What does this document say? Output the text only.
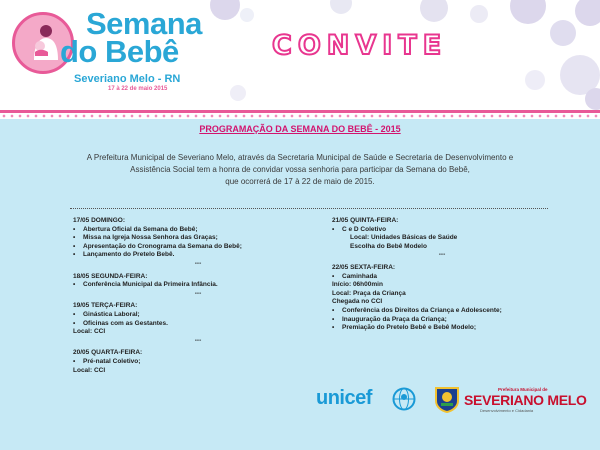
Semana
do Bebê
Severiano Melo - RN
17 à 22 de maio 2015
CONVITE
PROGRAMAÇÃO DA SEMANA DO BEBÊ - 2015
A Prefeitura Municipal de Severiano Melo, através da Secretaria Municipal de Saúde e Secretaria de Desenvolvimento e
Assistência Social tem a honra de convidar vossa senhoria para participar da Semana do Bebê,
que ocorrerá de 17 à 22 de maio de 2015.
17/05 DOMINGO:
• Abertura Oficial da Semana do Bebê;
• Missa na Igreja Nossa Senhora das Graças;
• Apresentação do Cronograma da Semana do Bebê;
• Lançamento do Pretelo Bebê.
---
18/05 SEGUNDA-FEIRA:
• Conferência Municipal da Primeira Infância.
---
19/05 TERÇA-FEIRA:
• Ginástica Laboral;
• Oficinas com as Gestantes.
Local: CCI
---
20/05 QUARTA-FEIRA:
• Pré-natal Coletivo;
Local: CCI
21/05 QUINTA-FEIRA:
• C e D Coletivo
Local: Unidades Básicas de Saúde
Escolha do Bebê Modelo
---
22/05 SEXTA-FEIRA:
• Caminhada
Início: 06h00min
Local: Praça da Criança
Chegada no CCI
• Conferência dos Direitos da Criança e Adolescente;
• Inauguração da Praça da Criança;
• Premiação do Pretelo Bebê e Bebê Modelo;
unicef	Prefeitura Municipal de
SEVERIANO MELO
Desenvolvimento e Cidadania
